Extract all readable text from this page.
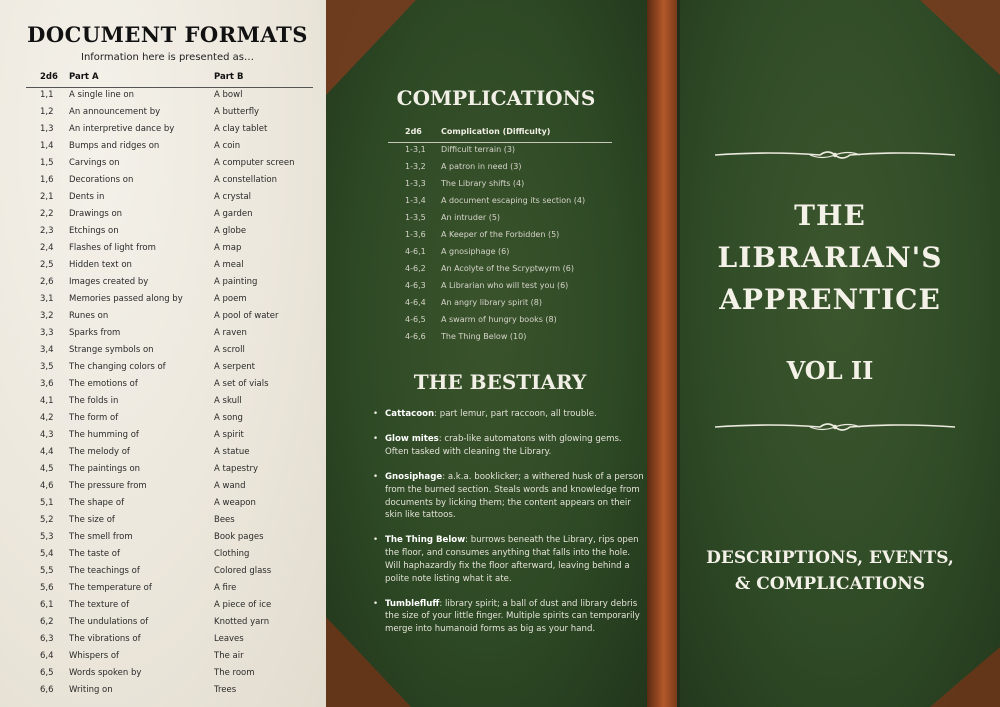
DOCUMENT FORMATS
Information here is presented as…
2d6 Part A	Part B
1,1 A single line on	A bowl
1,2 An announcement by	A butterfly
1,3 An interpretive dance by	A clay tablet
1,4 Bumps and ridges on	A coin
1,5 Carvings on	A computer screen
1,6 Decorations on	A constellation
2,1 Dents in	A crystal
2,2 Drawings on	A garden
2,3 Etchings on	A globe
2,4 Flashes of light from	A map
2,5 Hidden text on	A meal
2,6 Images created by	A painting
3,1 Memories passed along by	A poem
3,2 Runes on	A pool of water
3,3 Sparks from	A raven
3,4 Strange symbols on	A scroll
3,5 The changing colors of	A serpent
3,6 The emotions of	A set of vials
4,1 The folds in	A skull
4,2 The form of	A song
4,3 The humming of	A spirit
4,4 The melody of	A statue
4,5 The paintings on	A tapestry
4,6 The pressure from	A wand
5,1 The shape of	A weapon
5,2 The size of	Bees
5,3 The smell from	Book pages
5,4 The taste of	Clothing
5,5 The teachings of	Colored glass
5,6 The temperature of	A fire
6,1 The texture of	A piece of ice
6,2 The undulations of	Knotted yarn
6,3 The vibrations of	Leaves
6,4 Whispers of	The air
6,5 Words spoken by	The room
6,6 Writing on	Trees
COMPLICATIONS
2d6 Complication (Difficulty)
1-3,1 Difficult terrain (3)
1-3,2 A patron in need (3)
1-3,3 The Library shifts (4)
1-3,4 A document escaping its section (4)
1-3,5 An intruder (5)
1-3,6 A Keeper of the Forbidden (5)
4-6,1 A gnosiphage (6)
4-6,2 An Acolyte of the Scryptwyrm (6)
4-6,3 A Librarian who will test you (6)
4-6,4 An angry library spirit (8)
4-6,5 A swarm of hungry books (8)
4-6,6 The Thing Below (10)
THE BESTIARY
• Cattacoon: part lemur, part raccoon, all trouble.
• Glow mites: crab-like automatons with glowing gems. Often tasked with cleaning the Library.
• Gnosiphage: a.k.a. booklicker; a withered husk of a person from the burned section. Steals words and knowledge from documents by licking them; the content appears on their skin like tattoos.
• The Thing Below: burrows beneath the Library, rips open the floor, and consumes anything that falls into the hole. Will haphazardly fix the floor afterward, leaving behind a polite note listing what it ate.
• Tumblefluff: library spirit; a ball of dust and library debris the size of your little finger. Multiple spirits can temporarily merge into humanoid forms as big as your hand.
THE
LIBRARIAN'S
APPRENTICE
VOL II
DESCRIPTIONS, EVENTS,
& COMPLICATIONS
